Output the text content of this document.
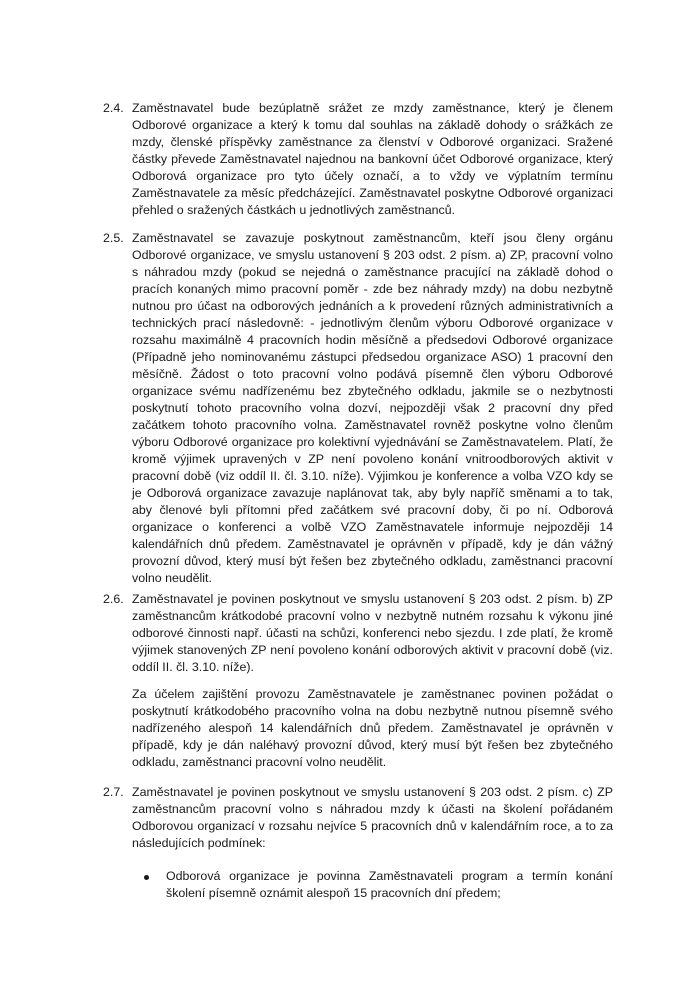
2.4. Zaměstnavatel bude bezúplatně srážet ze mzdy zaměstnance, který je členem Odborové organizace a který k tomu dal souhlas na základě dohody o srážkách ze mzdy, členské příspěvky zaměstnance za členství v Odborové organizaci. Sražené částky převede Zaměstnavatel najednou na bankovní účet Odborové organizace, který Odborová organizace pro tyto účely označí, a to vždy ve výplatním termínu Zaměstnavatele za měsíc předcházející. Zaměstnavatel poskytne Odborové organizaci přehled o sražených částkách u jednotlivých zaměstnanců.

2.5. Zaměstnavatel se zavazuje poskytnout zaměstnancům, kteří jsou členy orgánu Odborové organizace, ve smyslu ustanovení § 203 odst. 2 písm. a) ZP, pracovní volno s náhradou mzdy (pokud se nejedná o zaměstnance pracující na základě dohod o pracích konaných mimo pracovní poměr - zde bez náhrady mzdy) na dobu nezbytně nutnou pro účast na odborových jednáních a k provedení různých administrativních a technických prací následovně: - jednotlivým členům výboru Odborové organizace v rozsahu maximálně 4 pracovních hodin měsíčně a předsedovi Odborové organizace (Případně jeho nominovanému zástupci předsedou organizace ASO) 1 pracovní den měsíčně. Žádost o toto pracovní volno podává písemně člen výboru Odborové organizace svému nadřízenému bez zbytečného odkladu, jakmile se o nezbytnosti poskytnutí tohoto pracovního volna dozví, nejpozději však 2 pracovní dny před začátkem tohoto pracovního volna. Zaměstnavatel rovněž poskytne volno členům výboru Odborové organizace pro kolektivní vyjednávání se Zaměstnavatelem. Platí, že kromě výjimek upravených v ZP není povoleno konání vnitroodborových aktivit v pracovní době (viz oddíl II. čl. 3.10. níže). Výjimkou je konference a volba VZO kdy se je Odborová organizace zavazuje naplánovat tak, aby byly napříč směnami a to tak, aby členové byli přítomni před začátkem své pracovní doby, či po ní. Odborová organizace o konferenci a volbě VZO Zaměstnavatele informuje nejpozději 14 kalendářních dnů předem. Zaměstnavatel je oprávněn v případě, kdy je dán vážný provozní důvod, který musí být řešen bez zbytečného odkladu, zaměstnanci pracovní volno neudělit.

2.6. Zaměstnavatel je povinen poskytnout ve smyslu ustanovení § 203 odst. 2 písm. b) ZP zaměstnancům krátkodobé pracovní volno v nezbytně nutném rozsahu k výkonu jiné odborové činnosti např. účasti na schůzi, konferenci nebo sjezdu. I zde platí, že kromě výjimek stanovených ZP není povoleno konání odborových aktivit v pracovní době (viz. oddíl II. čl. 3.10. níže).

Za účelem zajištění provozu Zaměstnavatele je zaměstnanec povinen požádat o poskytnutí krátkodobého pracovního volna na dobu nezbytně nutnou písemně svého nadřízeného alespoň 14 kalendářních dnů předem. Zaměstnavatel je oprávněn v případě, kdy je dán naléhavý provozní důvod, který musí být řešen bez zbytečného odkladu, zaměstnanci pracovní volno neudělit.

2.7. Zaměstnavatel je povinen poskytnout ve smyslu ustanovení § 203 odst. 2 písm. c) ZP zaměstnancům pracovní volno s náhradou mzdy k účasti na školení pořádaném Odborovou organizací v rozsahu nejvíce 5 pracovních dnů v kalendářním roce, a to za následujících podmínek:

Odborová organizace je povinna Zaměstnavateli program a termín konání školení písemně oznámit alespoň 15 pracovních dní předem;
